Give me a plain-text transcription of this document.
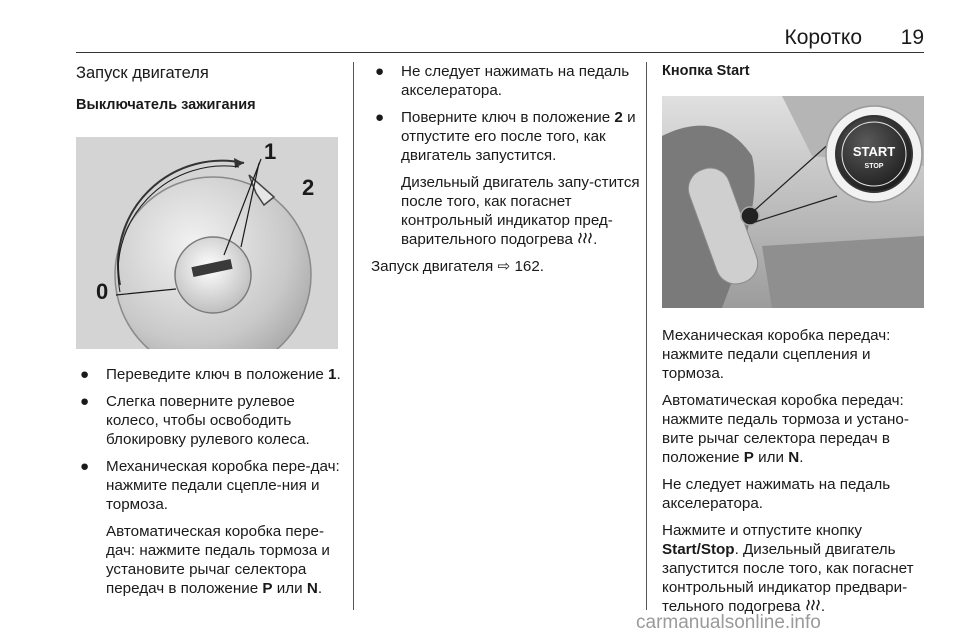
Коротко 19
Запуск двигателя
Выключатель зажигания
1
2
0
● Переведите ключ в положение 1.
● Слегка поверните рулевое колесо, чтобы освободить блокировку рулевого колеса.
● Механическая коробка пере-дач: нажмите педали сцепле-ния и тормоза.
Автоматическая коробка пере-дач: нажмите педаль тормоза и установите рычаг селектора передач в положение P или N.
● Не следует нажимать на педаль акселератора.
● Поверните ключ в положение 2 и отпустите его после того, как двигатель запустится.
Дизельный двигатель запу-стится после того, как погаснет контрольный индикатор пред-варительного подогрева .

Запуск двигателя ⇨ 162.

Кнопка Start
START
STOP

Механическая коробка передач: нажмите педали сцепления и тормоза.

Автоматическая коробка передач: нажмите педаль тормоза и устано-вите рычаг селектора передач в положение P или N.

Не следует нажимать на педаль акселератора.

Нажмите и отпустите кнопку Start/Stop. Дизельный двигатель запустится после того, как погаснет контрольный индикатор предвари-тельного подогрева .

carmanualsonline.info
